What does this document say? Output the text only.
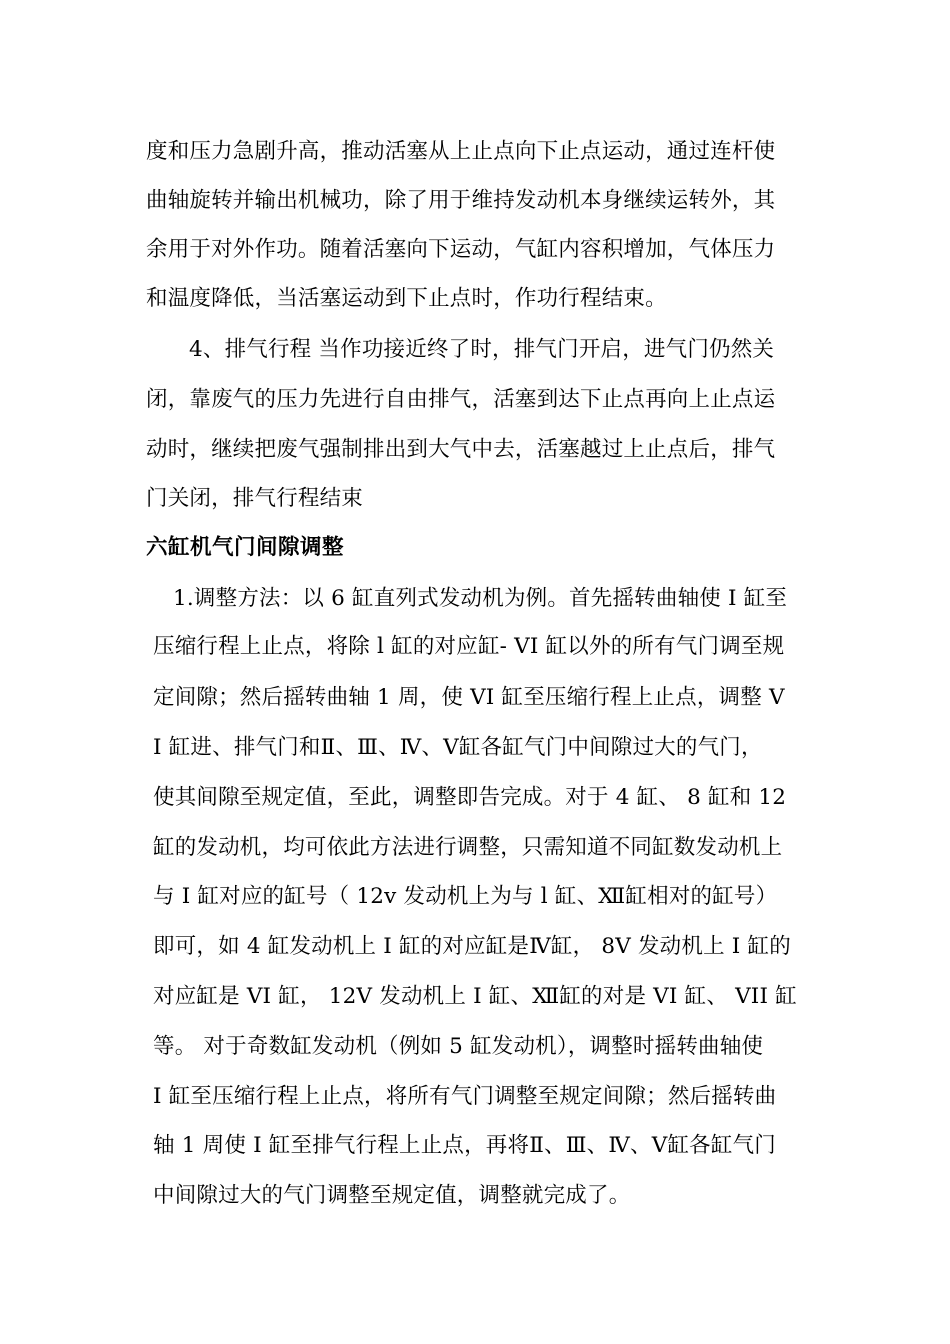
度和压力急剧升高，推动活塞从上止点向下止点运动，通过连杆使
曲轴旋转并输出机械功，除了用于维持发动机本身继续运转外，其
余用于对外作功。随着活塞向下运动，气缸内容积增加，气体压力
和温度降低，当活塞运动到下止点时，作功行程结束。
4、排气行程 当作功接近终了时，排气门开启，进气门仍然关
闭，靠废气的压力先进行自由排气，活塞到达下止点再向上止点运
动时，继续把废气强制排出到大气中去，活塞越过上止点后，排气
门关闭，排气行程结束
六缸机气门间隙调整
1.调整方法：以 6 缸直列式发动机为例。首先摇转曲轴使 I 缸至
压缩行程上止点，将除 l 缸的对应缸- VI 缸以外的所有气门调至规
定间隙；然后摇转曲轴 1 周，使 VI 缸至压缩行程上止点，调整 V
I 缸进、排气门和Ⅱ、Ⅲ、Ⅳ、Ⅴ缸各缸气门中间隙过大的气门，
使其间隙至规定值，至此，调整即告完成。对于 4 缸、 8 缸和 12
缸的发动机，均可依此方法进行调整，只需知道不同缸数发动机上
与 I 缸对应的缸号（ 12v 发动机上为与 l 缸、Ⅻ缸相对的缸号）
即可，如 4 缸发动机上 I 缸的对应缸是Ⅳ缸， 8V 发动机上 I 缸的
对应缸是 VI 缸， 12V 发动机上 I 缸、Ⅻ缸的对是 VI 缸、 VII 缸
等。 对于奇数缸发动机（例如 5 缸发动机），调整时摇转曲轴使
I 缸至压缩行程上止点，将所有气门调整至规定间隙；然后摇转曲
轴 1 周使 I 缸至排气行程上止点，再将Ⅱ、Ⅲ、Ⅳ、Ⅴ缸各缸气门
中间隙过大的气门调整至规定值，调整就完成了。
